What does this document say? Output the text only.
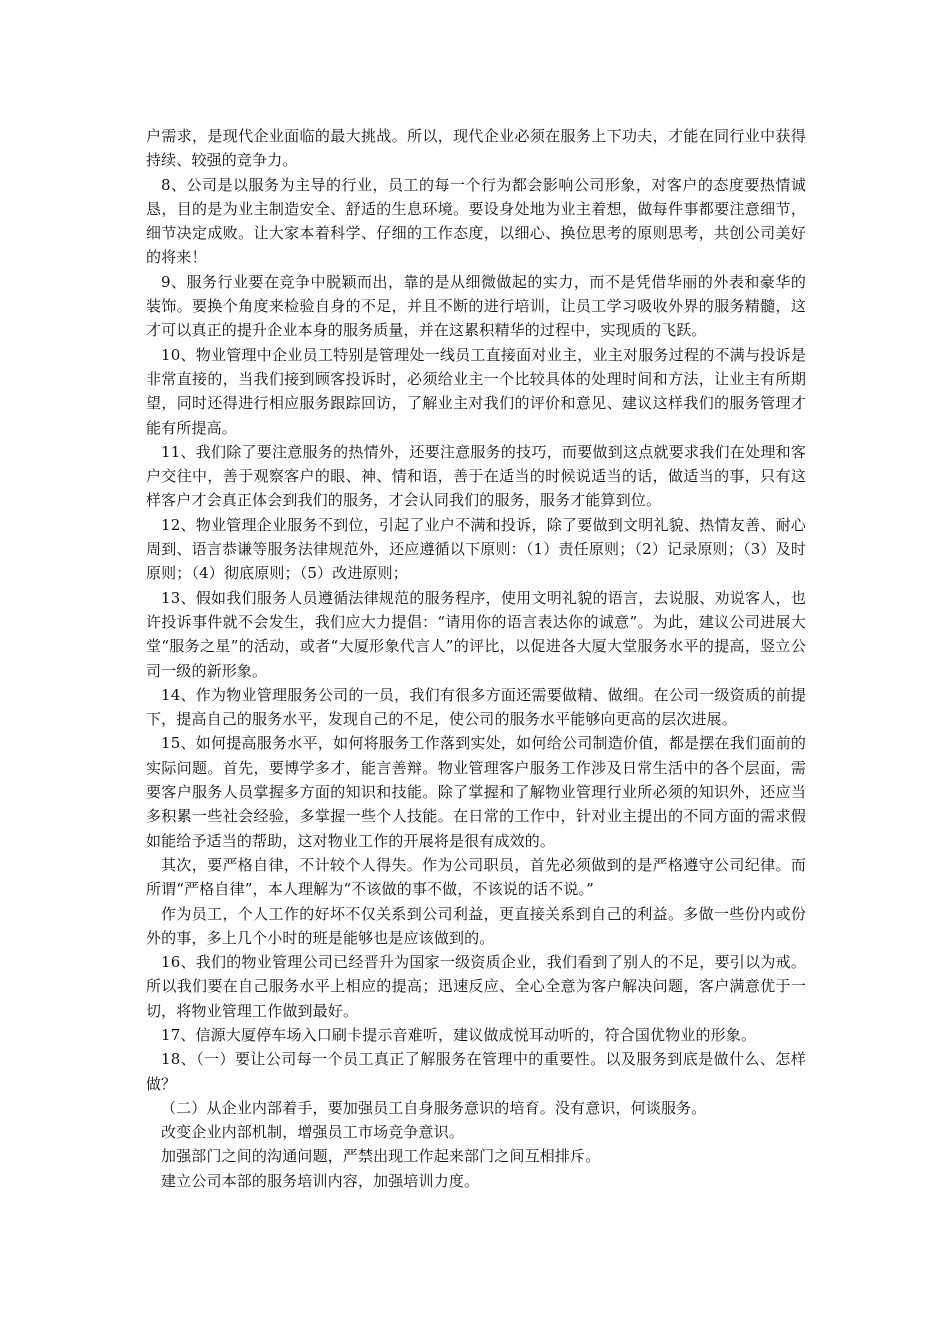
户需求，是现代企业面临的最大挑战。所以，现代企业必须在服务上下功夫，才能在同行业中获得持续、较强的竞争力。

8、公司是以服务为主导的行业，员工的每一个行为都会影响公司形象，对客户的态度要热情诚恳，目的是为业主制造安全、舒适的生息环境。要设身处地为业主着想，做每件事都要注意细节，细节决定成败。让大家本着科学、仔细的工作态度，以细心、换位思考的原则思考，共创公司美好的将来！

9、服务行业要在竞争中脱颖而出，靠的是从细微做起的实力，而不是凭借华丽的外表和豪华的装饰。要换个角度来检验自身的不足，并且不断的进行培训，让员工学习吸收外界的服务精髓，这才可以真正的提升企业本身的服务质量，并在这累积精华的过程中，实现质的飞跃。

10、物业管理中企业员工特别是管理处一线员工直接面对业主，业主对服务过程的不满与投诉是非常直接的，当我们接到顾客投诉时，必须给业主一个比较具体的处理时间和方法，让业主有所期望，同时还得进行相应服务跟踪回访，了解业主对我们的评价和意见、建议这样我们的服务管理才能有所提高。

11、我们除了要注意服务的热情外，还要注意服务的技巧，而要做到这点就要求我们在处理和客户交往中，善于观察客户的眼、神、情和语，善于在适当的时候说适当的话，做适当的事，只有这样客户才会真正体会到我们的服务，才会认同我们的服务，服务才能算到位。

12、物业管理企业服务不到位，引起了业户不满和投诉，除了要做到文明礼貌、热情友善、耐心周到、语言恭谦等服务法律规范外，还应遵循以下原则：（1）责任原则；（2）记录原则；（3）及时原则；（4）彻底原则；（5）改进原则；

13、假如我们服务人员遵循法律规范的服务程序，使用文明礼貌的语言，去说服、劝说客人，也许投诉事件就不会发生，我们应大力提倡：“请用你的语言表达你的诚意”。为此，建议公司进展大堂“服务之星”的活动，或者“大厦形象代言人”的评比，以促进各大厦大堂服务水平的提高，竖立公司一级的新形象。

14、作为物业管理服务公司的一员，我们有很多方面还需要做精、做细。在公司一级资质的前提下，提高自己的服务水平，发现自己的不足，使公司的服务水平能够向更高的层次进展。

15、如何提高服务水平，如何将服务工作落到实处，如何给公司制造价值，都是摆在我们面前的实际问题。首先，要博学多才，能言善辩。物业管理客户服务工作涉及日常生活中的各个层面，需要客户服务人员掌握多方面的知识和技能。除了掌握和了解物业管理行业所必须的知识外，还应当多积累一些社会经验，多掌握一些个人技能。在日常的工作中，针对业主提出的不同方面的需求假如能给予适当的帮助，这对物业工作的开展将是很有成效的。

其次，要严格自律，不计较个人得失。作为公司职员，首先必须做到的是严格遵守公司纪律。而所谓“严格自律”，本人理解为“不该做的事不做，不该说的话不说。”

作为员工，个人工作的好坏不仅关系到公司利益，更直接关系到自己的利益。多做一些份内或份外的事，多上几个小时的班是能够也是应该做到的。

16、我们的物业管理公司已经晋升为国家一级资质企业，我们看到了别人的不足，要引以为戒。所以我们要在自己服务水平上相应的提高；迅速反应、全心全意为客户解决问题，客户满意优于一切，将物业管理工作做到最好。

17、信源大厦停车场入口刷卡提示音难听，建议做成悦耳动听的，符合国优物业的形象。

18、（一）要让公司每一个员工真正了解服务在管理中的重要性。以及服务到底是做什么、怎样做？

（二）从企业内部着手，要加强员工自身服务意识的培育。没有意识，何谈服务。

改变企业内部机制，增强员工市场竞争意识。

加强部门之间的沟通问题，严禁出现工作起来部门之间互相排斥。

建立公司本部的服务培训内容，加强培训力度。
